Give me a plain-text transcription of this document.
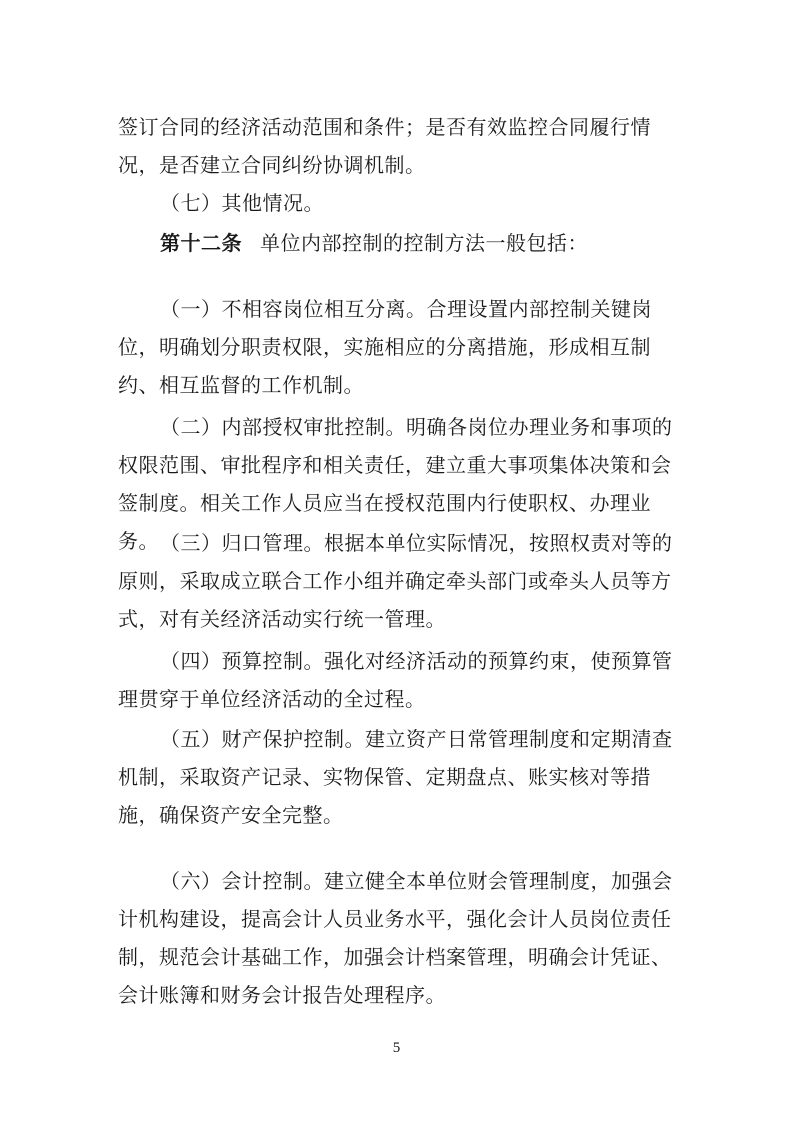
签订合同的经济活动范围和条件；是否有效监控合同履行情况，是否建立合同纠纷协调机制。

（七）其他情况。

第十二条 单位内部控制的控制方法一般包括：

（一）不相容岗位相互分离。合理设置内部控制关键岗位，明确划分职责权限，实施相应的分离措施，形成相互制约、相互监督的工作机制。

（二）内部授权审批控制。明确各岗位办理业务和事项的权限范围、审批程序和相关责任，建立重大事项集体决策和会签制度。相关工作人员应当在授权范围内行使职权、办理业务。 （三）归口管理。根据本单位实际情况，按照权责对等的原则，采取成立联合工作小组并确定牵头部门或牵头人员等方式，对有关经济活动实行统一管理。

（四）预算控制。强化对经济活动的预算约束，使预算管理贯穿于单位经济活动的全过程。

（五）财产保护控制。建立资产日常管理制度和定期清查机制，采取资产记录、实物保管、定期盘点、账实核对等措施，确保资产安全完整。

（六）会计控制。建立健全本单位财会管理制度，加强会计机构建设，提高会计人员业务水平，强化会计人员岗位责任制，规范会计基础工作，加强会计档案管理，明确会计凭证、会计账簿和财务会计报告处理程序。

5
